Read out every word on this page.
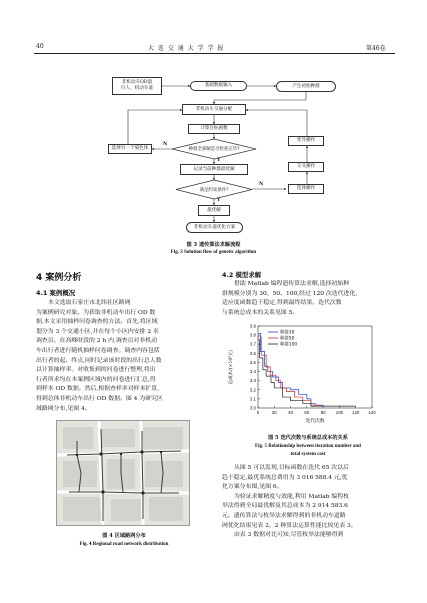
40	大 连 交 通 大 学 学 报	第46卷
非机动车OD量
行人、机动车量
基础数据输入	产生初始种群
非机动车交通分配
计算目标函数
种群全部解是否检查完毕?
选择另一个染色体
记录当前种群最优解
满足约束条件?
最优解
非机动车道优化方案
变异操作
交叉操作
选择操作
Y
N
Y
N
图 3 遗传算法求解流程
Fig. 3 Solution flow of genetic algorithm
4 案例分析
4.1 案例概况
本文选取石家庄市北纬社区路网
为案例研究对象。为获取非机动车出行 OD 数
据,本文采用抽样问卷调查的方法。首先,将区域
划分为 3 个交通小区,并在每个小区内安排 2 名
调查员。在高峰时段的 2 h 内,调查员对非机动
车出行者进行随机抽样问卷调查。调查内容包括
出行者的起、终点,同时记录该时段的出行总人数
以计算抽样率。对收集到的问卷进行整理,将出
行者所求均在本案例区域内的问卷进行汇总,得
到样本 OD 数据。然后,根据查样率对样本扩算,
得到总体非机动车出行 OD 数据。图 4 为研究区
域路网分布,见图 4。
图 4 区域路网分布
Fig. 4 Regional road network distribution
4.2 模型求解
借助 Matlab 编程遗传算法求解,选择初始种
群规模分别为 30、50、100,经过 120 次迭代进化,
适应度函数趋于稳定,得到最终结果。迭代次数
与系统总成本的关系见图 5。
3.0
3.1
3.2
3.3
3.4
3.5
3.6
3.7
3.8
3.9
0	20	40	60	80 100 120 140
迭代次数
总成本/(×10⁶元)
种群30
种群50
种群100
图 5 迭代次数与系统总成本的关系
Fig. 5 Relationship between iteration number and
total system cost
从图 5 可以发现,目标函数在迭代 65 次以后
趋于稳定,最优系统总费用为 3 016 588.4 元,优
化方案分布图,见图 6。
为验证求解精度与效能,利用 Matlab 编程枚
举法得到全局最优解及其总成本为 2 914 583.6
元。遗传算法与枚举法求解得到的非机动车道路
网优化结果见表 2。2 种算法运算性能比较见表 3。
由表 3 数据对比可知,尽管枚举法能够得到
